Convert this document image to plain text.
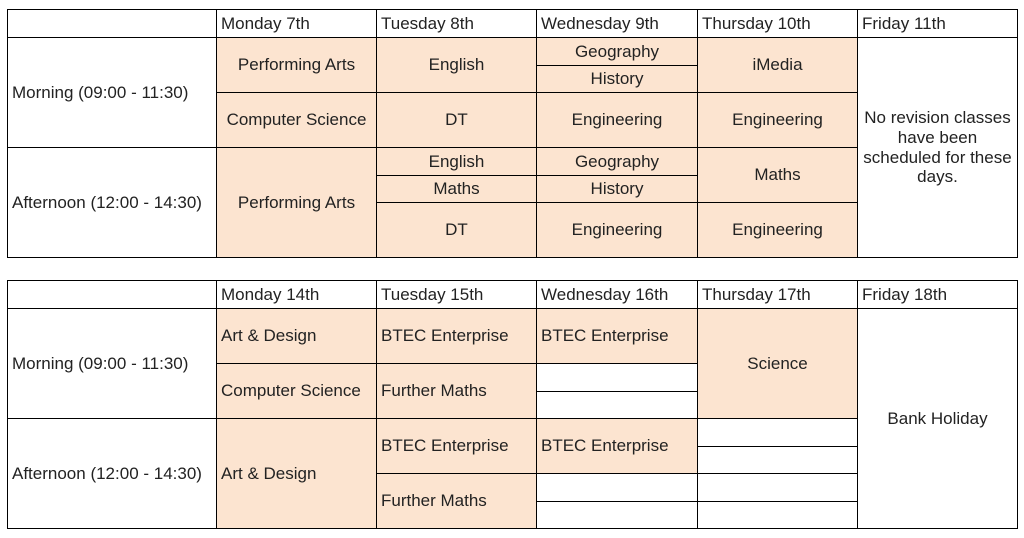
	Monday 7th	Tuesday 8th	Wednesday 9th	Thursday 10th	Friday 11th
Morning (09:00 - 11:30)	Performing Arts	English	Geography	iMedia	No revision classes have been scheduled for these days.
			History		
	Computer Science	DT	Engineering	Engineering	

Afternoon (12:00 - 14:30)	Performing Arts	English	Geography	Maths	
		Maths	History		
		DT	Engineering	Engineering	

	Monday 14th	Tuesday 15th	Wednesday 16th	Thursday 17th	Friday 18th
Morning (09:00 - 11:30)	Art & Design	BTEC Enterprise	BTEC Enterprise	Science	Bank Holiday

	Computer Science	Further Maths			

Afternoon (12:00 - 14:30)	Art & Design	BTEC Enterprise	BTEC Enterprise		

		Further Maths			
